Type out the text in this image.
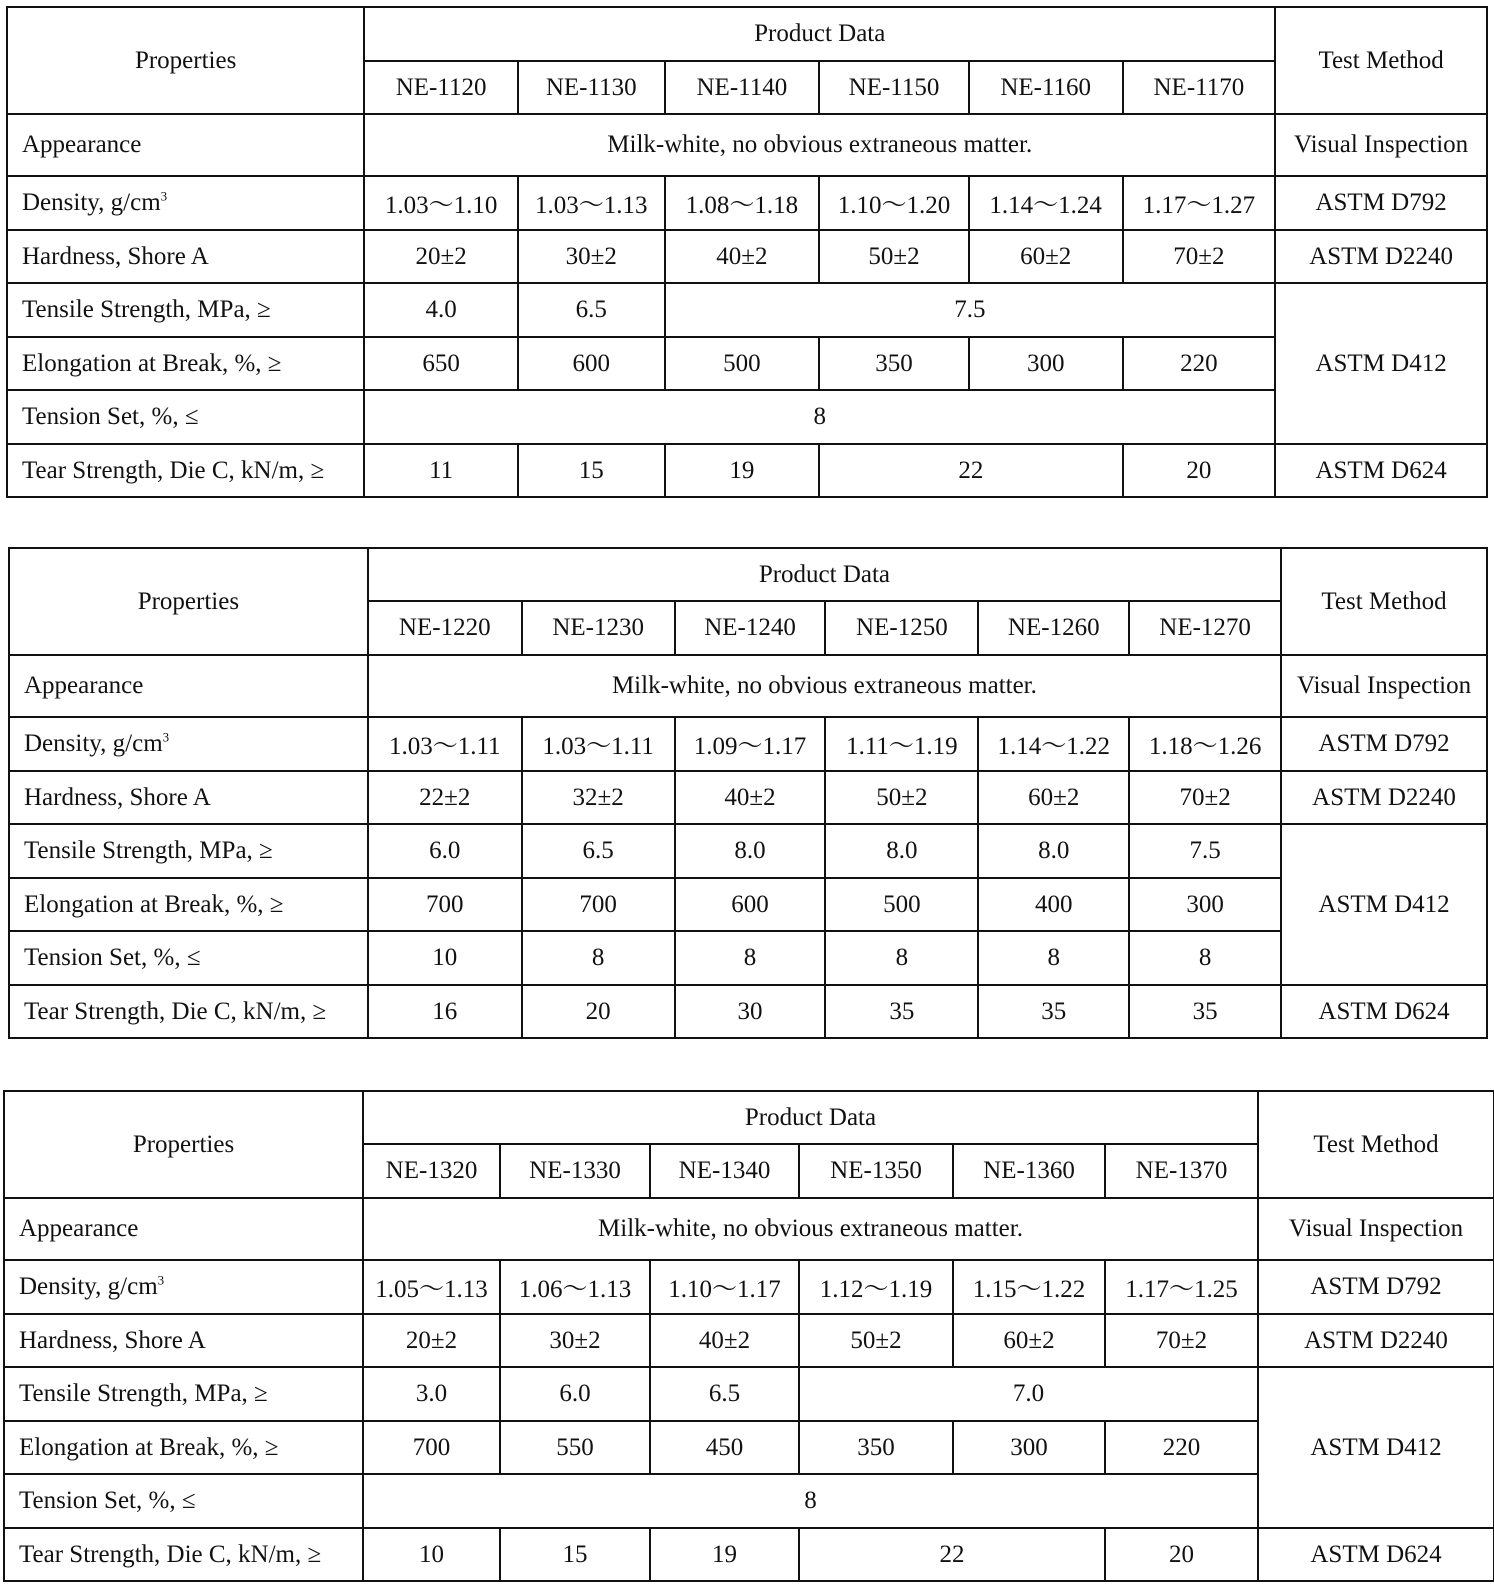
Properties	Product Data						Test Method
	NE-1120	NE-1130	NE-1140	NE-1150	NE-1160	NE-1170	
Appearance	Milk-white, no obvious extraneous matter.						Visual Inspection
Density, $g/cm^3$	1.03～1.10	1.03～1.13	1.08～1.18	1.10～1.20	1.14～1.24	1.17～1.27	ASTM D792
Hardness, Shore A	20±2	30±2	40±2	50±2	60±2	70±2	ASTM D2240
Tensile Strength, MPa, ≥	4.0	6.5	7.5				ASTM D412
Elongation at Break, %, ≥	650	600	500	350	300	220	
Tension Set, %, ≤	8						
Tear Strength, Die C, kN/m, ≥	11	15	19	22		20	ASTM D624
Properties	Product Data						Test Method
	NE-1220	NE-1230	NE-1240	NE-1250	NE-1260	NE-1270	
Appearance	Milk-white, no obvious extraneous matter.						Visual Inspection
Density, $g/cm^3$	1.03～1.11	1.03～1.11	1.09～1.17	1.11～1.19	1.14～1.22	1.18～1.26	ASTM D792
Hardness, Shore A	22±2	32±2	40±2	50±2	60±2	70±2	ASTM D2240
Tensile Strength, MPa, ≥	6.0	6.5	8.0	8.0	8.0	7.5	ASTM D412
Elongation at Break, %, ≥	700	700	600	500	400	300	
Tension Set, %, ≤	10	8	8	8	8	8	
Tear Strength, Die C, kN/m, ≥	16	20	30	35	35	35	ASTM D624
Properties	Product Data						Test Method
	NE-1320	NE-1330	NE-1340	NE-1350	NE-1360	NE-1370	
Appearance	Milk-white, no obvious extraneous matter.						Visual Inspection
Density, $g/cm^3$	1.05～1.13	1.06～1.13	1.10～1.17	1.12～1.19	1.15～1.22	1.17～1.25	ASTM D792
Hardness, Shore A	20±2	30±2	40±2	50±2	60±2	70±2	ASTM D2240
Tensile Strength, MPa, ≥	3.0	6.0	6.5	7.0			ASTM D412
Elongation at Break, %, ≥	700	550	450	350	300	220	
Tension Set, %, ≤	8						
Tear Strength, Die C, kN/m, ≥	10	15	19	22		20	ASTM D624
